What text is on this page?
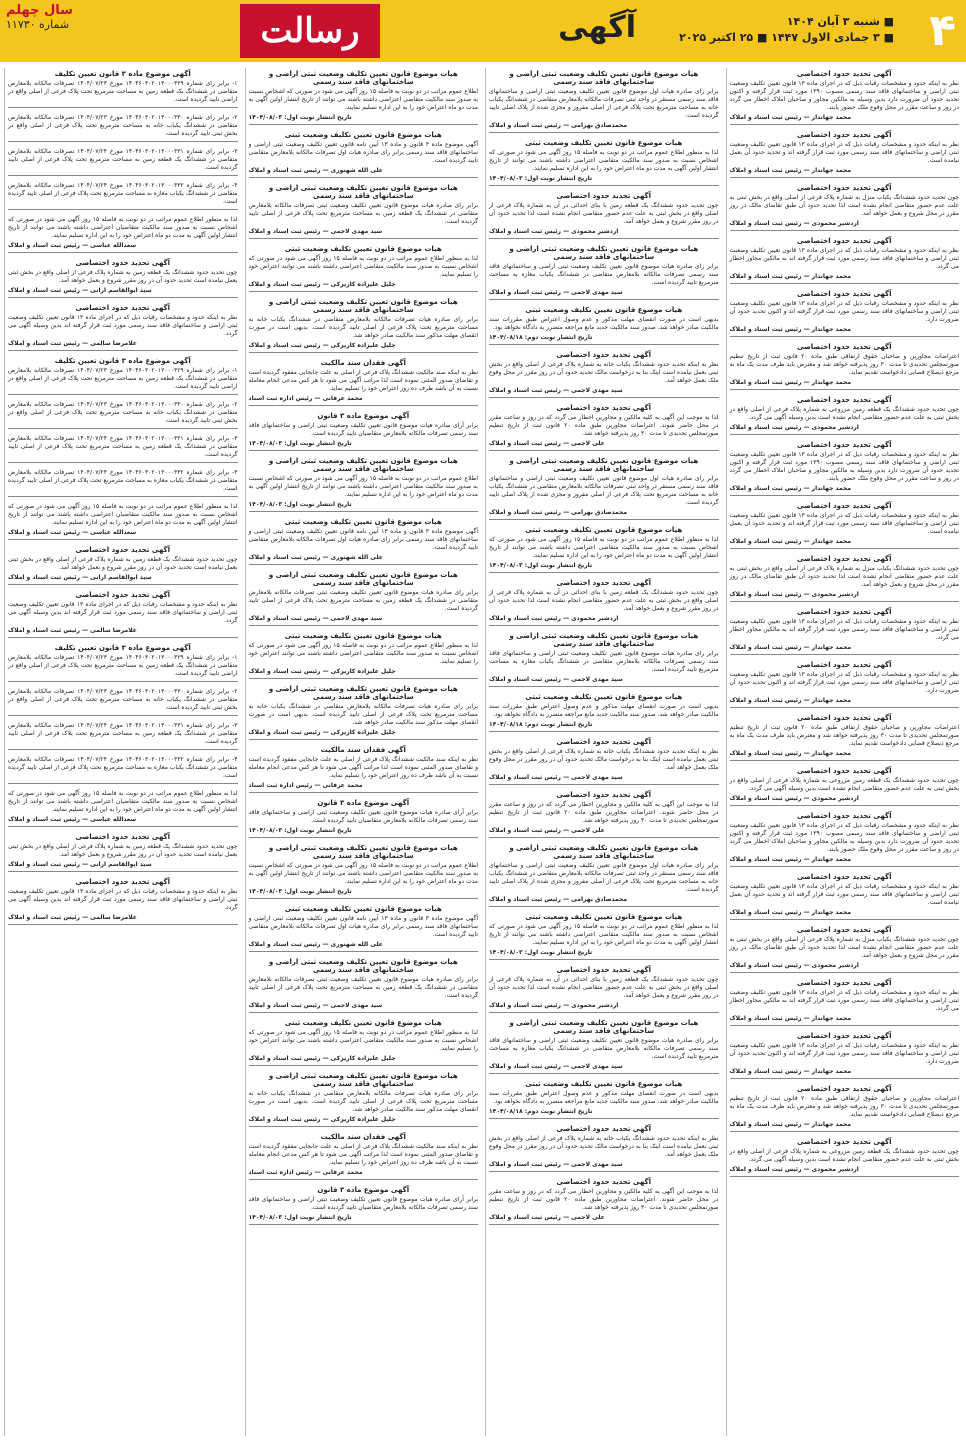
۴
■ شنبه ۳ آبان ۱۴۰۴
■ ۳ جمادی الاول ۱۴۴۷ ■ ۲۵ اکتبر ۲۰۲۵
آگهی
رسالت
سال چهلم
شماره ۱۱۷۳۰
آگهی تحدید حدود اختصاصی
نظر به اینکه حدود و مشخصات رقبات ذیل که در اجرای ماده ۱۳ قانون تعیین تکلیف وضعیت ثبتی اراضی و ساختمانهای فاقد سند رسمی مصوب ۱۳۹۰ مورد ثبت قرار گرفته و اکنون تحدید حدود آن ضرورت دارد بدین وسیله به مالکین مجاور و صاحبان املاک اخطار می گردد در روز و ساعت مقرر در محل وقوع ملک حضور یابند.
محمد جهاندار — رئیس ثبت اسناد و املاک
آگهی تحدید حدود اختصاصی
نظر به اینکه حدود و مشخصات رقبات ذیل که در اجرای ماده ۱۳ قانون تعیین تکلیف وضعیت ثبتی اراضی و ساختمانهای فاقد سند رسمی مورد ثبت قرار گرفته اند و تحدید حدود آن بعمل نیامده است.
محمد جهاندار — رئیس ثبت اسناد و املاک
آگهی تحدید حدود اختصاصی
چون تحدید حدود ششدانگ یکباب منزل به شماره پلاک فرعی از اصلی واقع در بخش ثبتی به علت عدم حضور متقاضی انجام نشده است لذا تحدید حدود آن طبق تقاضای مالک در روز مقرر در محل شروع و بعمل خواهد آمد.
اردشیر محمودی — رئیس ثبت اسناد و املاک
آگهی تحدید حدود اختصاصی
نظر به اینکه حدود و مشخصات رقبات ذیل که در اجرای ماده ۱۳ قانون تعیین تکلیف وضعیت ثبتی اراضی و ساختمانهای فاقد سند رسمی مورد ثبت قرار گرفته اند به مالکین مجاور اخطار می گردد.
محمد جهاندار — رئیس ثبت اسناد و املاک
آگهی تحدید حدود اختصاصی
نظر به اینکه حدود و مشخصات رقبات ذیل که در اجرای ماده ۱۳ قانون تعیین تکلیف وضعیت ثبتی اراضی و ساختمانهای فاقد سند رسمی مورد ثبت قرار گرفته اند و اکنون تحدید حدود آن ضرورت دارد.
محمد جهاندار — رئیس ثبت اسناد و املاک
آگهی تحدید حدود اختصاصی
اعتراضات مجاورین و صاحبان حقوق ارتفاقی طبق ماده ۲۰ قانون ثبت از تاریخ تنظیم صورتمجلس تحدیدی تا مدت ۳۰ روز پذیرفته خواهد شد و معترض باید ظرف مدت یک ماه به مرجع ذیصلاح قضایی دادخواست تقدیم نماید.
محمد جهاندار — رئیس ثبت اسناد و املاک
آگهی تحدید حدود اختصاصی
چون تحدید حدود ششدانگ یک قطعه زمین مزروعی به شماره پلاک فرعی از اصلی واقع در بخش ثبتی به علت عدم حضور متقاضی انجام نشده است بدین وسیله آگهی می گردد.
اردشیر محمودی — رئیس ثبت اسناد و املاک
آگهی تحدید حدود اختصاصی
نظر به اینکه حدود و مشخصات رقبات ذیل که در اجرای ماده ۱۳ قانون تعیین تکلیف وضعیت ثبتی اراضی و ساختمانهای فاقد سند رسمی مصوب ۱۳۹۰ مورد ثبت قرار گرفته و اکنون تحدید حدود آن ضرورت دارد بدین وسیله به مالکین مجاور و صاحبان املاک اخطار می گردد در روز و ساعت مقرر در محل وقوع ملک حضور یابند.
محمد جهاندار — رئیس ثبت اسناد و املاک
آگهی تحدید حدود اختصاصی
نظر به اینکه حدود و مشخصات رقبات ذیل که در اجرای ماده ۱۳ قانون تعیین تکلیف وضعیت ثبتی اراضی و ساختمانهای فاقد سند رسمی مورد ثبت قرار گرفته اند و تحدید حدود آن بعمل نیامده است.
محمد جهاندار — رئیس ثبت اسناد و املاک
آگهی تحدید حدود اختصاصی
چون تحدید حدود ششدانگ یکباب منزل به شماره پلاک فرعی از اصلی واقع در بخش ثبتی به علت عدم حضور متقاضی انجام نشده است لذا تحدید حدود آن طبق تقاضای مالک در روز مقرر در محل شروع و بعمل خواهد آمد.
اردشیر محمودی — رئیس ثبت اسناد و املاک
آگهی تحدید حدود اختصاصی
نظر به اینکه حدود و مشخصات رقبات ذیل که در اجرای ماده ۱۳ قانون تعیین تکلیف وضعیت ثبتی اراضی و ساختمانهای فاقد سند رسمی مورد ثبت قرار گرفته اند به مالکین مجاور اخطار می گردد.
محمد جهاندار — رئیس ثبت اسناد و املاک
آگهی تحدید حدود اختصاصی
نظر به اینکه حدود و مشخصات رقبات ذیل که در اجرای ماده ۱۳ قانون تعیین تکلیف وضعیت ثبتی اراضی و ساختمانهای فاقد سند رسمی مورد ثبت قرار گرفته اند و اکنون تحدید حدود آن ضرورت دارد.
محمد جهاندار — رئیس ثبت اسناد و املاک
آگهی تحدید حدود اختصاصی
اعتراضات مجاورین و صاحبان حقوق ارتفاقی طبق ماده ۲۰ قانون ثبت از تاریخ تنظیم صورتمجلس تحدیدی تا مدت ۳۰ روز پذیرفته خواهد شد و معترض باید ظرف مدت یک ماه به مرجع ذیصلاح قضایی دادخواست تقدیم نماید.
محمد جهاندار — رئیس ثبت اسناد و املاک
آگهی تحدید حدود اختصاصی
چون تحدید حدود ششدانگ یک قطعه زمین مزروعی به شماره پلاک فرعی از اصلی واقع در بخش ثبتی به علت عدم حضور متقاضی انجام نشده است بدین وسیله آگهی می گردد.
اردشیر محمودی — رئیس ثبت اسناد و املاک
آگهی تحدید حدود اختصاصی
نظر به اینکه حدود و مشخصات رقبات ذیل که در اجرای ماده ۱۳ قانون تعیین تکلیف وضعیت ثبتی اراضی و ساختمانهای فاقد سند رسمی مصوب ۱۳۹۰ مورد ثبت قرار گرفته و اکنون تحدید حدود آن ضرورت دارد بدین وسیله به مالکین مجاور و صاحبان املاک اخطار می گردد در روز و ساعت مقرر در محل وقوع ملک حضور یابند.
محمد جهاندار — رئیس ثبت اسناد و املاک
آگهی تحدید حدود اختصاصی
نظر به اینکه حدود و مشخصات رقبات ذیل که در اجرای ماده ۱۳ قانون تعیین تکلیف وضعیت ثبتی اراضی و ساختمانهای فاقد سند رسمی مورد ثبت قرار گرفته اند و تحدید حدود آن بعمل نیامده است.
محمد جهاندار — رئیس ثبت اسناد و املاک
آگهی تحدید حدود اختصاصی
چون تحدید حدود ششدانگ یکباب منزل به شماره پلاک فرعی از اصلی واقع در بخش ثبتی به علت عدم حضور متقاضی انجام نشده است لذا تحدید حدود آن طبق تقاضای مالک در روز مقرر در محل شروع و بعمل خواهد آمد.
اردشیر محمودی — رئیس ثبت اسناد و املاک
آگهی تحدید حدود اختصاصی
نظر به اینکه حدود و مشخصات رقبات ذیل که در اجرای ماده ۱۳ قانون تعیین تکلیف وضعیت ثبتی اراضی و ساختمانهای فاقد سند رسمی مورد ثبت قرار گرفته اند به مالکین مجاور اخطار می گردد.
محمد جهاندار — رئیس ثبت اسناد و املاک
آگهی تحدید حدود اختصاصی
نظر به اینکه حدود و مشخصات رقبات ذیل که در اجرای ماده ۱۳ قانون تعیین تکلیف وضعیت ثبتی اراضی و ساختمانهای فاقد سند رسمی مورد ثبت قرار گرفته اند و اکنون تحدید حدود آن ضرورت دارد.
محمد جهاندار — رئیس ثبت اسناد و املاک
آگهی تحدید حدود اختصاصی
اعتراضات مجاورین و صاحبان حقوق ارتفاقی طبق ماده ۲۰ قانون ثبت از تاریخ تنظیم صورتمجلس تحدیدی تا مدت ۳۰ روز پذیرفته خواهد شد و معترض باید ظرف مدت یک ماه به مرجع ذیصلاح قضایی دادخواست تقدیم نماید.
محمد جهاندار — رئیس ثبت اسناد و املاک
آگهی تحدید حدود اختصاصی
چون تحدید حدود ششدانگ یک قطعه زمین مزروعی به شماره پلاک فرعی از اصلی واقع در بخش ثبتی به علت عدم حضور متقاضی انجام نشده است بدین وسیله آگهی می گردد.
اردشیر محمودی — رئیس ثبت اسناد و املاک
هیات موضوع قانون تعیین تکلیف وضعیت ثبتی اراضی و ساختمانهای فاقد سند رسمی
برابر رای صادره هیات اول موضوع قانون تعیین تکلیف وضعیت ثبتی اراضی و ساختمانهای فاقد سند رسمی مستقر در واحد ثبتی تصرفات مالکانه بلامعارض متقاضی در ششدانگ یکباب خانه به مساحت مترمربع تحت پلاک فرعی از اصلی مفروز و مجزی شده از پلاک اصلی تایید گردیده است.
محمدصادق بهرامی — رئیس ثبت اسناد و املاک
هیات موضوع قانون تعیین تکلیف وضعیت ثبتی
لذا به منظور اطلاع عموم مراتب در دو نوبت به فاصله ۱۵ روز آگهی می شود در صورتی که اشخاص نسبت به صدور سند مالکیت متقاضی اعتراضی داشته باشند می توانند از تاریخ انتشار اولین آگهی به مدت دو ماه اعتراض خود را به این اداره تسلیم نمایند.
تاریخ انتشار نوبت اول: ۱۴۰۴/۰۸/۰۳
آگهی تحدید حدود اختصاصی
چون تحدید حدود ششدانگ یک قطعه زمین با بنای احداثی در آن به شماره پلاک فرعی از اصلی واقع در بخش ثبتی به علت عدم حضور متقاضی انجام نشده است لذا تحدید حدود آن در روز مقرر شروع و بعمل خواهد آمد.
اردشیر محمودی — رئیس ثبت اسناد و املاک
هیات موضوع قانون تعیین تکلیف وضعیت ثبتی اراضی و ساختمانهای فاقد سند رسمی
برابر رای صادره هیات موضوع قانون تعیین تکلیف وضعیت ثبتی اراضی و ساختمانهای فاقد سند رسمی تصرفات مالکانه بلامعارض متقاضی در ششدانگ یکباب مغازه به مساحت مترمربع تایید گردیده است.
سید مهدی لاجمی — رئیس ثبت اسناد و املاک
هیات موضوع قانون تعیین تکلیف وضعیت ثبتی
بدیهی است در صورت انقضای مهلت مذکور و عدم وصول اعتراض طبق مقررات سند مالکیت صادر خواهد شد. صدور سند مالکیت جدید مانع مراجعه متضرر به دادگاه نخواهد بود.
تاریخ انتشار نوبت دوم: ۱۴۰۴/۰۸/۱۸
آگهی تحدید حدود اختصاصی
نظر به اینکه تحدید حدود ششدانگ یکباب خانه به شماره پلاک فرعی از اصلی واقع در بخش ثبتی بعمل نیامده است اینک بنا به درخواست مالک تحدید حدود آن در روز مقرر در محل وقوع ملک بعمل خواهد آمد.
سید مهدی لاجمی — رئیس ثبت اسناد و املاک
آگهی تحدید حدود اختصاصی
لذا به موجب این آگهی به کلیه مالکین و مجاورین اخطار می گردد که در روز و ساعت مقرر در محل حاضر شوند. اعتراضات مجاورین طبق ماده ۲۰ قانون ثبت از تاریخ تنظیم صورتمجلس تحدیدی تا مدت ۳۰ روز پذیرفته خواهد شد.
علی لاجمی — رئیس ثبت اسناد و املاک
هیات موضوع قانون تعیین تکلیف وضعیت ثبتی اراضی و ساختمانهای فاقد سند رسمی
برابر رای صادره هیات اول موضوع قانون تعیین تکلیف وضعیت ثبتی اراضی و ساختمانهای فاقد سند رسمی مستقر در واحد ثبتی تصرفات مالکانه بلامعارض متقاضی در ششدانگ یکباب خانه به مساحت مترمربع تحت پلاک فرعی از اصلی مفروز و مجزی شده از پلاک اصلی تایید گردیده است.
محمدصادق بهرامی — رئیس ثبت اسناد و املاک
هیات موضوع قانون تعیین تکلیف وضعیت ثبتی
لذا به منظور اطلاع عموم مراتب در دو نوبت به فاصله ۱۵ روز آگهی می شود در صورتی که اشخاص نسبت به صدور سند مالکیت متقاضی اعتراضی داشته باشند می توانند از تاریخ انتشار اولین آگهی به مدت دو ماه اعتراض خود را به این اداره تسلیم نمایند.
تاریخ انتشار نوبت اول: ۱۴۰۴/۰۸/۰۳
آگهی تحدید حدود اختصاصی
چون تحدید حدود ششدانگ یک قطعه زمین با بنای احداثی در آن به شماره پلاک فرعی از اصلی واقع در بخش ثبتی به علت عدم حضور متقاضی انجام نشده است لذا تحدید حدود آن در روز مقرر شروع و بعمل خواهد آمد.
اردشیر محمودی — رئیس ثبت اسناد و املاک
هیات موضوع قانون تعیین تکلیف وضعیت ثبتی اراضی و ساختمانهای فاقد سند رسمی
برابر رای صادره هیات موضوع قانون تعیین تکلیف وضعیت ثبتی اراضی و ساختمانهای فاقد سند رسمی تصرفات مالکانه بلامعارض متقاضی در ششدانگ یکباب مغازه به مساحت مترمربع تایید گردیده است.
سید مهدی لاجمی — رئیس ثبت اسناد و املاک
هیات موضوع قانون تعیین تکلیف وضعیت ثبتی
بدیهی است در صورت انقضای مهلت مذکور و عدم وصول اعتراض طبق مقررات سند مالکیت صادر خواهد شد. صدور سند مالکیت جدید مانع مراجعه متضرر به دادگاه نخواهد بود.
تاریخ انتشار نوبت دوم: ۱۴۰۴/۰۸/۱۸
آگهی تحدید حدود اختصاصی
نظر به اینکه تحدید حدود ششدانگ یکباب خانه به شماره پلاک فرعی از اصلی واقع در بخش ثبتی بعمل نیامده است اینک بنا به درخواست مالک تحدید حدود آن در روز مقرر در محل وقوع ملک بعمل خواهد آمد.
سید مهدی لاجمی — رئیس ثبت اسناد و املاک
آگهی تحدید حدود اختصاصی
لذا به موجب این آگهی به کلیه مالکین و مجاورین اخطار می گردد که در روز و ساعت مقرر در محل حاضر شوند. اعتراضات مجاورین طبق ماده ۲۰ قانون ثبت از تاریخ تنظیم صورتمجلس تحدیدی تا مدت ۳۰ روز پذیرفته خواهد شد.
علی لاجمی — رئیس ثبت اسناد و املاک
هیات موضوع قانون تعیین تکلیف وضعیت ثبتی اراضی و ساختمانهای فاقد سند رسمی
برابر رای صادره هیات اول موضوع قانون تعیین تکلیف وضعیت ثبتی اراضی و ساختمانهای فاقد سند رسمی مستقر در واحد ثبتی تصرفات مالکانه بلامعارض متقاضی در ششدانگ یکباب خانه به مساحت مترمربع تحت پلاک فرعی از اصلی مفروز و مجزی شده از پلاک اصلی تایید گردیده است.
محمدصادق بهرامی — رئیس ثبت اسناد و املاک
هیات موضوع قانون تعیین تکلیف وضعیت ثبتی
لذا به منظور اطلاع عموم مراتب در دو نوبت به فاصله ۱۵ روز آگهی می شود در صورتی که اشخاص نسبت به صدور سند مالکیت متقاضی اعتراضی داشته باشند می توانند از تاریخ انتشار اولین آگهی به مدت دو ماه اعتراض خود را به این اداره تسلیم نمایند.
تاریخ انتشار نوبت اول: ۱۴۰۴/۰۸/۰۳
آگهی تحدید حدود اختصاصی
چون تحدید حدود ششدانگ یک قطعه زمین با بنای احداثی در آن به شماره پلاک فرعی از اصلی واقع در بخش ثبتی به علت عدم حضور متقاضی انجام نشده است لذا تحدید حدود آن در روز مقرر شروع و بعمل خواهد آمد.
اردشیر محمودی — رئیس ثبت اسناد و املاک
هیات موضوع قانون تعیین تکلیف وضعیت ثبتی اراضی و ساختمانهای فاقد سند رسمی
برابر رای صادره هیات موضوع قانون تعیین تکلیف وضعیت ثبتی اراضی و ساختمانهای فاقد سند رسمی تصرفات مالکانه بلامعارض متقاضی در ششدانگ یکباب مغازه به مساحت مترمربع تایید گردیده است.
سید مهدی لاجمی — رئیس ثبت اسناد و املاک
هیات موضوع قانون تعیین تکلیف وضعیت ثبتی
بدیهی است در صورت انقضای مهلت مذکور و عدم وصول اعتراض طبق مقررات سند مالکیت صادر خواهد شد. صدور سند مالکیت جدید مانع مراجعه متضرر به دادگاه نخواهد بود.
تاریخ انتشار نوبت دوم: ۱۴۰۴/۰۸/۱۸
آگهی تحدید حدود اختصاصی
نظر به اینکه تحدید حدود ششدانگ یکباب خانه به شماره پلاک فرعی از اصلی واقع در بخش ثبتی بعمل نیامده است اینک بنا به درخواست مالک تحدید حدود آن در روز مقرر در محل وقوع ملک بعمل خواهد آمد.
سید مهدی لاجمی — رئیس ثبت اسناد و املاک
آگهی تحدید حدود اختصاصی
لذا به موجب این آگهی به کلیه مالکین و مجاورین اخطار می گردد که در روز و ساعت مقرر در محل حاضر شوند. اعتراضات مجاورین طبق ماده ۲۰ قانون ثبت از تاریخ تنظیم صورتمجلس تحدیدی تا مدت ۳۰ روز پذیرفته خواهد شد.
علی لاجمی — رئیس ثبت اسناد و املاک
هیات موضوع قانون تعیین تکلیف وضعیت ثبتی اراضی و ساختمانهای فاقد سند رسمی
اطلاع عموم مراتب در دو نوبت به فاصله ۱۵ روز آگهی می شود در صورتی که اشخاص نسبت به صدور سند مالکیت متقاضی اعتراضی داشته باشند می توانند از تاریخ انتشار اولین آگهی به مدت دو ماه اعتراض خود را به این اداره تسلیم نمایند.
تاریخ انتشار نوبت اول: ۱۴۰۴/۰۸/۰۳
هیات موضوع قانون تعیین تکلیف وضعیت ثبتی
آگهی موضوع ماده ۳ قانون و ماده ۱۳ آیین نامه قانون تعیین تکلیف وضعیت ثبتی اراضی و ساختمانهای فاقد سند رسمی برابر رای صادره هیات اول تصرفات مالکانه بلامعارض متقاضی تایید گردیده است.
علی الله شهنوری — رئیس ثبت اسناد و املاک
هیات موضوع قانون تعیین تکلیف وضعیت ثبتی اراضی و ساختمانهای فاقد سند رسمی
برابر رای صادره هیات موضوع قانون تعیین تکلیف وضعیت ثبتی تصرفات مالکانه بلامعارض متقاضی در ششدانگ یک قطعه زمین به مساحت مترمربع تحت پلاک فرعی از اصلی تایید گردیده است.
سید مهدی لاجمی — رئیس ثبت اسناد و املاک
هیات موضوع قانون تعیین تکلیف وضعیت ثبتی
لذا به منظور اطلاع عموم مراتب در دو نوبت به فاصله ۱۵ روز آگهی می شود در صورتی که اشخاص نسبت به صدور سند مالکیت متقاضی اعتراضی داشته باشند می توانند اعتراض خود را تسلیم نمایند.
جلیل علیزاده کاریزکی — رئیس ثبت اسناد و املاک
هیات موضوع قانون تعیین تکلیف وضعیت ثبتی اراضی و ساختمانهای فاقد سند رسمی
برابر رای صادره هیات تصرفات مالکانه بلامعارض متقاضی در ششدانگ یکباب خانه به مساحت مترمربع تحت پلاک فرعی از اصلی تایید گردیده است. بدیهی است در صورت انقضای مهلت مذکور سند مالکیت صادر خواهد شد.
جلیل علیزاده کاریزکی — رئیس ثبت اسناد و املاک
آگهی فقدان سند مالکیت
نظر به اینکه سند مالکیت ششدانگ پلاک فرعی از اصلی به علت جابجایی مفقود گردیده است و تقاضای صدور المثنی نموده است لذا مراتب آگهی می شود تا هر کس مدعی انجام معامله نسبت به آن باشد ظرف ده روز اعتراض خود را تسلیم نماید.
محمد عرفانی — رئیس اداره ثبت اسناد
آگهی موضوع ماده ۳ قانون
برابر آرای صادره هیات موضوع قانون تعیین تکلیف وضعیت ثبتی اراضی و ساختمانهای فاقد سند رسمی تصرفات مالکانه بلامعارض متقاضیان تایید گردیده است.
تاریخ انتشار نوبت اول: ۱۴۰۴/۰۸/۰۳
هیات موضوع قانون تعیین تکلیف وضعیت ثبتی اراضی و ساختمانهای فاقد سند رسمی
اطلاع عموم مراتب در دو نوبت به فاصله ۱۵ روز آگهی می شود در صورتی که اشخاص نسبت به صدور سند مالکیت متقاضی اعتراضی داشته باشند می توانند از تاریخ انتشار اولین آگهی به مدت دو ماه اعتراض خود را به این اداره تسلیم نمایند.
تاریخ انتشار نوبت اول: ۱۴۰۴/۰۸/۰۳
هیات موضوع قانون تعیین تکلیف وضعیت ثبتی
آگهی موضوع ماده ۳ قانون و ماده ۱۳ آیین نامه قانون تعیین تکلیف وضعیت ثبتی اراضی و ساختمانهای فاقد سند رسمی برابر رای صادره هیات اول تصرفات مالکانه بلامعارض متقاضی تایید گردیده است.
علی الله شهنوری — رئیس ثبت اسناد و املاک
هیات موضوع قانون تعیین تکلیف وضعیت ثبتی اراضی و ساختمانهای فاقد سند رسمی
برابر رای صادره هیات موضوع قانون تعیین تکلیف وضعیت ثبتی تصرفات مالکانه بلامعارض متقاضی در ششدانگ یک قطعه زمین به مساحت مترمربع تحت پلاک فرعی از اصلی تایید گردیده است.
سید مهدی لاجمی — رئیس ثبت اسناد و املاک
هیات موضوع قانون تعیین تکلیف وضعیت ثبتی
لذا به منظور اطلاع عموم مراتب در دو نوبت به فاصله ۱۵ روز آگهی می شود در صورتی که اشخاص نسبت به صدور سند مالکیت متقاضی اعتراضی داشته باشند می توانند اعتراض خود را تسلیم نمایند.
جلیل علیزاده کاریزکی — رئیس ثبت اسناد و املاک
هیات موضوع قانون تعیین تکلیف وضعیت ثبتی اراضی و ساختمانهای فاقد سند رسمی
برابر رای صادره هیات تصرفات مالکانه بلامعارض متقاضی در ششدانگ یکباب خانه به مساحت مترمربع تحت پلاک فرعی از اصلی تایید گردیده است. بدیهی است در صورت انقضای مهلت مذکور سند مالکیت صادر خواهد شد.
جلیل علیزاده کاریزکی — رئیس ثبت اسناد و املاک
آگهی فقدان سند مالکیت
نظر به اینکه سند مالکیت ششدانگ پلاک فرعی از اصلی به علت جابجایی مفقود گردیده است و تقاضای صدور المثنی نموده است لذا مراتب آگهی می شود تا هر کس مدعی انجام معامله نسبت به آن باشد ظرف ده روز اعتراض خود را تسلیم نماید.
محمد عرفانی — رئیس اداره ثبت اسناد
آگهی موضوع ماده ۳ قانون
برابر آرای صادره هیات موضوع قانون تعیین تکلیف وضعیت ثبتی اراضی و ساختمانهای فاقد سند رسمی تصرفات مالکانه بلامعارض متقاضیان تایید گردیده است.
تاریخ انتشار نوبت اول: ۱۴۰۴/۰۸/۰۳
هیات موضوع قانون تعیین تکلیف وضعیت ثبتی اراضی و ساختمانهای فاقد سند رسمی
اطلاع عموم مراتب در دو نوبت به فاصله ۱۵ روز آگهی می شود در صورتی که اشخاص نسبت به صدور سند مالکیت متقاضی اعتراضی داشته باشند می توانند از تاریخ انتشار اولین آگهی به مدت دو ماه اعتراض خود را به این اداره تسلیم نمایند.
تاریخ انتشار نوبت اول: ۱۴۰۴/۰۸/۰۳
هیات موضوع قانون تعیین تکلیف وضعیت ثبتی
آگهی موضوع ماده ۳ قانون و ماده ۱۳ آیین نامه قانون تعیین تکلیف وضعیت ثبتی اراضی و ساختمانهای فاقد سند رسمی برابر رای صادره هیات اول تصرفات مالکانه بلامعارض متقاضی تایید گردیده است.
علی الله شهنوری — رئیس ثبت اسناد و املاک
هیات موضوع قانون تعیین تکلیف وضعیت ثبتی اراضی و ساختمانهای فاقد سند رسمی
برابر رای صادره هیات موضوع قانون تعیین تکلیف وضعیت ثبتی تصرفات مالکانه بلامعارض متقاضی در ششدانگ یک قطعه زمین به مساحت مترمربع تحت پلاک فرعی از اصلی تایید گردیده است.
سید مهدی لاجمی — رئیس ثبت اسناد و املاک
هیات موضوع قانون تعیین تکلیف وضعیت ثبتی
لذا به منظور اطلاع عموم مراتب در دو نوبت به فاصله ۱۵ روز آگهی می شود در صورتی که اشخاص نسبت به صدور سند مالکیت متقاضی اعتراضی داشته باشند می توانند اعتراض خود را تسلیم نمایند.
جلیل علیزاده کاریزکی — رئیس ثبت اسناد و املاک
هیات موضوع قانون تعیین تکلیف وضعیت ثبتی اراضی و ساختمانهای فاقد سند رسمی
برابر رای صادره هیات تصرفات مالکانه بلامعارض متقاضی در ششدانگ یکباب خانه به مساحت مترمربع تحت پلاک فرعی از اصلی تایید گردیده است. بدیهی است در صورت انقضای مهلت مذکور سند مالکیت صادر خواهد شد.
جلیل علیزاده کاریزکی — رئیس ثبت اسناد و املاک
آگهی فقدان سند مالکیت
نظر به اینکه سند مالکیت ششدانگ پلاک فرعی از اصلی به علت جابجایی مفقود گردیده است و تقاضای صدور المثنی نموده است لذا مراتب آگهی می شود تا هر کس مدعی انجام معامله نسبت به آن باشد ظرف ده روز اعتراض خود را تسلیم نماید.
محمد عرفانی — رئیس اداره ثبت اسناد
آگهی موضوع ماده ۳ قانون
برابر آرای صادره هیات موضوع قانون تعیین تکلیف وضعیت ثبتی اراضی و ساختمانهای فاقد سند رسمی تصرفات مالکانه بلامعارض متقاضیان تایید گردیده است.
تاریخ انتشار نوبت اول: ۱۴۰۴/۰۸/۰۳
آگهی موضوع ماده ۳ قانون تعیین تکلیف
۱- برابر رای شماره ۱۴۰۴۶۰۳۰۲۰۱۳۰۰۰۳۲۹ مورخ ۱۴۰۴/۰۷/۲۳ تصرفات مالکانه بلامعارض متقاضی در ششدانگ یک قطعه زمین به مساحت مترمربع تحت پلاک فرعی از اصلی واقع در اراضی تایید گردیده است.
۲- برابر رای شماره ۱۴۰۴۶۰۳۰۲۰۱۳۰۰۰۳۳۰ مورخ ۱۴۰۴/۰۷/۲۳ تصرفات مالکانه بلامعارض متقاضی در ششدانگ یکباب خانه به مساحت مترمربع تحت پلاک فرعی از اصلی واقع در بخش ثبتی تایید گردیده است.
۳- برابر رای شماره ۱۴۰۴۶۰۳۰۲۰۱۳۰۰۰۳۳۱ مورخ ۱۴۰۴/۰۷/۲۴ تصرفات مالکانه بلامعارض متقاضی در ششدانگ یک قطعه زمین به مساحت مترمربع تحت پلاک فرعی از اصلی تایید گردیده است.
۴- برابر رای شماره ۱۴۰۴۶۰۳۰۲۰۱۳۰۰۰۳۳۲ مورخ ۱۴۰۴/۰۷/۲۴ تصرفات مالکانه بلامعارض متقاضی در ششدانگ یکباب مغازه به مساحت مترمربع تحت پلاک فرعی از اصلی تایید گردیده است.
لذا به منظور اطلاع عموم مراتب در دو نوبت به فاصله ۱۵ روز آگهی می شود در صورتی که اشخاص نسبت به صدور سند مالکیت متقاضیان اعتراضی داشته باشند می توانند از تاریخ انتشار اولین آگهی به مدت دو ماه اعتراض خود را به این اداره تسلیم نمایند.
سعدالله عباسی — رئیس ثبت اسناد و املاک
آگهی تحدید حدود اختصاصی
چون تحدید حدود ششدانگ یک قطعه زمین به شماره پلاک فرعی از اصلی واقع در بخش ثبتی بعمل نیامده است تحدید حدود آن در روز مقرر شروع و بعمل خواهد آمد.
سید ابوالقاسم ارانی — رئیس ثبت اسناد و املاک
آگهی تحدید حدود اختصاصی
نظر به اینکه حدود و مشخصات رقبات ذیل که در اجرای ماده ۱۳ قانون تعیین تکلیف وضعیت ثبتی اراضی و ساختمانهای فاقد سند رسمی مورد ثبت قرار گرفته اند بدین وسیله آگهی می گردد.
غلامرضا سالمی — رئیس ثبت اسناد و املاک
آگهی موضوع ماده ۳ قانون تعیین تکلیف
۱- برابر رای شماره ۱۴۰۴۶۰۳۰۲۰۱۳۰۰۰۳۲۹ مورخ ۱۴۰۴/۰۷/۲۳ تصرفات مالکانه بلامعارض متقاضی در ششدانگ یک قطعه زمین به مساحت مترمربع تحت پلاک فرعی از اصلی واقع در اراضی تایید گردیده است.
۲- برابر رای شماره ۱۴۰۴۶۰۳۰۲۰۱۳۰۰۰۳۳۰ مورخ ۱۴۰۴/۰۷/۲۳ تصرفات مالکانه بلامعارض متقاضی در ششدانگ یکباب خانه به مساحت مترمربع تحت پلاک فرعی از اصلی واقع در بخش ثبتی تایید گردیده است.
۳- برابر رای شماره ۱۴۰۴۶۰۳۰۲۰۱۳۰۰۰۳۳۱ مورخ ۱۴۰۴/۰۷/۲۴ تصرفات مالکانه بلامعارض متقاضی در ششدانگ یک قطعه زمین به مساحت مترمربع تحت پلاک فرعی از اصلی تایید گردیده است.
۴- برابر رای شماره ۱۴۰۴۶۰۳۰۲۰۱۳۰۰۰۳۳۲ مورخ ۱۴۰۴/۰۷/۲۴ تصرفات مالکانه بلامعارض متقاضی در ششدانگ یکباب مغازه به مساحت مترمربع تحت پلاک فرعی از اصلی تایید گردیده است.
لذا به منظور اطلاع عموم مراتب در دو نوبت به فاصله ۱۵ روز آگهی می شود در صورتی که اشخاص نسبت به صدور سند مالکیت متقاضیان اعتراضی داشته باشند می توانند از تاریخ انتشار اولین آگهی به مدت دو ماه اعتراض خود را به این اداره تسلیم نمایند.
سعدالله عباسی — رئیس ثبت اسناد و املاک
آگهی تحدید حدود اختصاصی
چون تحدید حدود ششدانگ یک قطعه زمین به شماره پلاک فرعی از اصلی واقع در بخش ثبتی بعمل نیامده است تحدید حدود آن در روز مقرر شروع و بعمل خواهد آمد.
سید ابوالقاسم ارانی — رئیس ثبت اسناد و املاک
آگهی تحدید حدود اختصاصی
نظر به اینکه حدود و مشخصات رقبات ذیل که در اجرای ماده ۱۳ قانون تعیین تکلیف وضعیت ثبتی اراضی و ساختمانهای فاقد سند رسمی مورد ثبت قرار گرفته اند بدین وسیله آگهی می گردد.
غلامرضا سالمی — رئیس ثبت اسناد و املاک
آگهی موضوع ماده ۳ قانون تعیین تکلیف
۱- برابر رای شماره ۱۴۰۴۶۰۳۰۲۰۱۳۰۰۰۳۲۹ مورخ ۱۴۰۴/۰۷/۲۳ تصرفات مالکانه بلامعارض متقاضی در ششدانگ یک قطعه زمین به مساحت مترمربع تحت پلاک فرعی از اصلی واقع در اراضی تایید گردیده است.
۲- برابر رای شماره ۱۴۰۴۶۰۳۰۲۰۱۳۰۰۰۳۳۰ مورخ ۱۴۰۴/۰۷/۲۳ تصرفات مالکانه بلامعارض متقاضی در ششدانگ یکباب خانه به مساحت مترمربع تحت پلاک فرعی از اصلی واقع در بخش ثبتی تایید گردیده است.
۳- برابر رای شماره ۱۴۰۴۶۰۳۰۲۰۱۳۰۰۰۳۳۱ مورخ ۱۴۰۴/۰۷/۲۴ تصرفات مالکانه بلامعارض متقاضی در ششدانگ یک قطعه زمین به مساحت مترمربع تحت پلاک فرعی از اصلی تایید گردیده است.
۴- برابر رای شماره ۱۴۰۴۶۰۳۰۲۰۱۳۰۰۰۳۳۲ مورخ ۱۴۰۴/۰۷/۲۴ تصرفات مالکانه بلامعارض متقاضی در ششدانگ یکباب مغازه به مساحت مترمربع تحت پلاک فرعی از اصلی تایید گردیده است.
لذا به منظور اطلاع عموم مراتب در دو نوبت به فاصله ۱۵ روز آگهی می شود در صورتی که اشخاص نسبت به صدور سند مالکیت متقاضیان اعتراضی داشته باشند می توانند از تاریخ انتشار اولین آگهی به مدت دو ماه اعتراض خود را به این اداره تسلیم نمایند.
سعدالله عباسی — رئیس ثبت اسناد و املاک
آگهی تحدید حدود اختصاصی
چون تحدید حدود ششدانگ یک قطعه زمین به شماره پلاک فرعی از اصلی واقع در بخش ثبتی بعمل نیامده است تحدید حدود آن در روز مقرر شروع و بعمل خواهد آمد.
سید ابوالقاسم ارانی — رئیس ثبت اسناد و املاک
آگهی تحدید حدود اختصاصی
نظر به اینکه حدود و مشخصات رقبات ذیل که در اجرای ماده ۱۳ قانون تعیین تکلیف وضعیت ثبتی اراضی و ساختمانهای فاقد سند رسمی مورد ثبت قرار گرفته اند بدین وسیله آگهی می گردد.
غلامرضا سالمی — رئیس ثبت اسناد و املاک
